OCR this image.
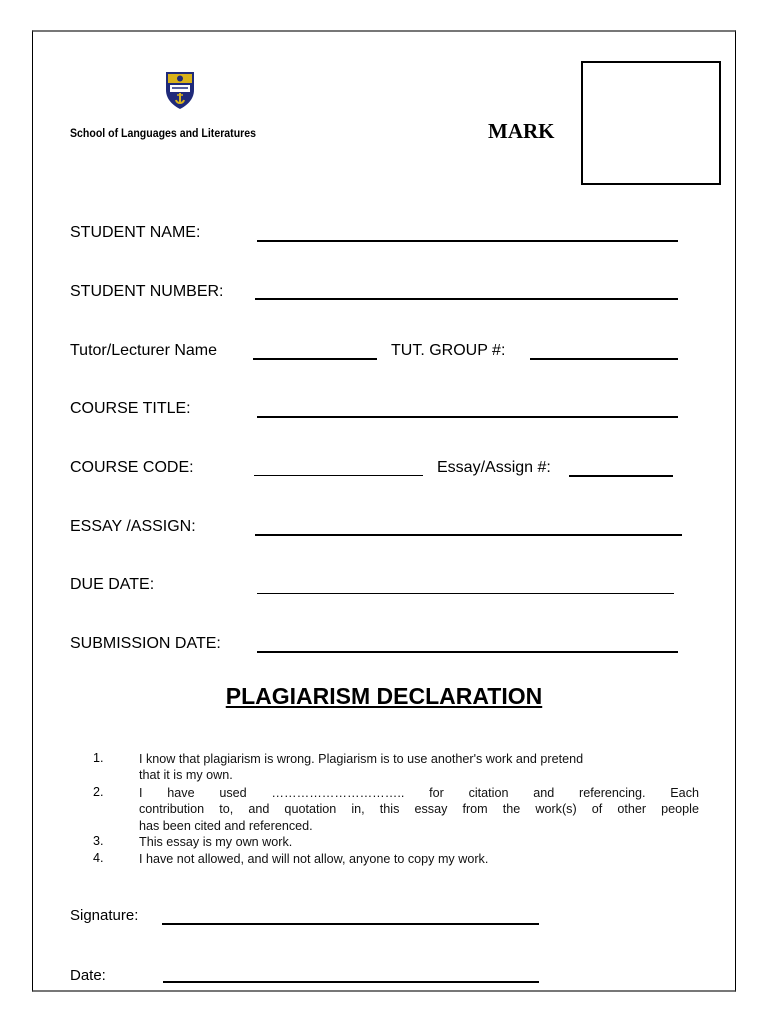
School of Languages and Literatures	MARK
STUDENT NAME:
STUDENT NUMBER:
Tutor/Lecturer Name	TUT. GROUP #:
COURSE TITLE:
COURSE CODE:	Essay/Assign #:
ESSAY /ASSIGN:
DUE DATE:
SUBMISSION DATE:
PLAGIARISM DECLARATION
1.	I know that plagiarism is wrong. Plagiarism is to use another's work and pretend
that it is my own.
2.	I have used ………………………….. for citation and referencing. Each
contribution to, and quotation in, this essay from the work(s) of other people
has been cited and referenced.
3.	This essay is my own work.
4.	I have not allowed, and will not allow, anyone to copy my work.
Signature:
Date:
